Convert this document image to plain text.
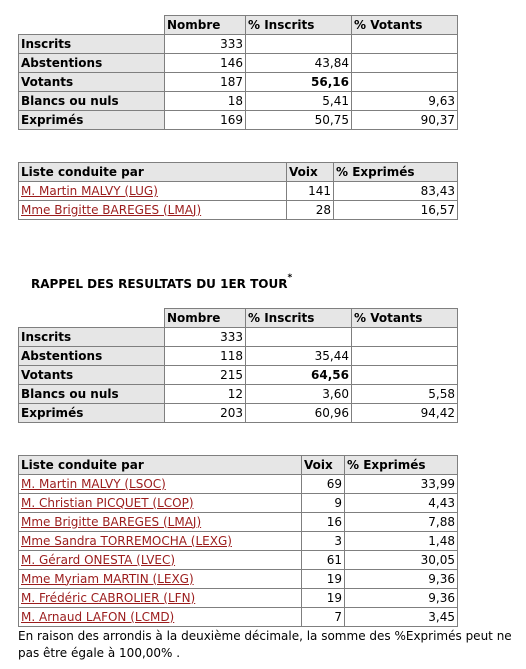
	Nombre	% Inscrits	% Votants
Inscrits	333		
Abstentions	146	43,84	
Votants	187	56,16	
Blancs ou nuls	18	5,41	9,63
Exprimés	169	50,75	90,37
Liste conduite par	Voix	% Exprimés
M. Martin MALVY (LUG)	141	83,43
Mme Brigitte BAREGES (LMAJ)	28	16,57
RAPPEL DES RESULTATS DU 1ER TOUR*
	Nombre	% Inscrits	% Votants
Inscrits	333		
Abstentions	118	35,44	
Votants	215	64,56	
Blancs ou nuls	12	3,60	5,58
Exprimés	203	60,96	94,42
Liste conduite par	Voix	% Exprimés
M. Martin MALVY (LSOC)	69	33,99
M. Christian PICQUET (LCOP)	9	4,43
Mme Brigitte BAREGES (LMAJ)	16	7,88
Mme Sandra TORREMOCHA (LEXG)	3	1,48
M. Gérard ONESTA (LVEC)	61	30,05
Mme Myriam MARTIN (LEXG)	19	9,36
M. Frédéric CABROLIER (LFN)	19	9,36
M. Arnaud LAFON (LCMD)	7	3,45
En raison des arrondis à la deuxième décimale, la somme des %Exprimés peut ne pas être égale à 100,00% .
